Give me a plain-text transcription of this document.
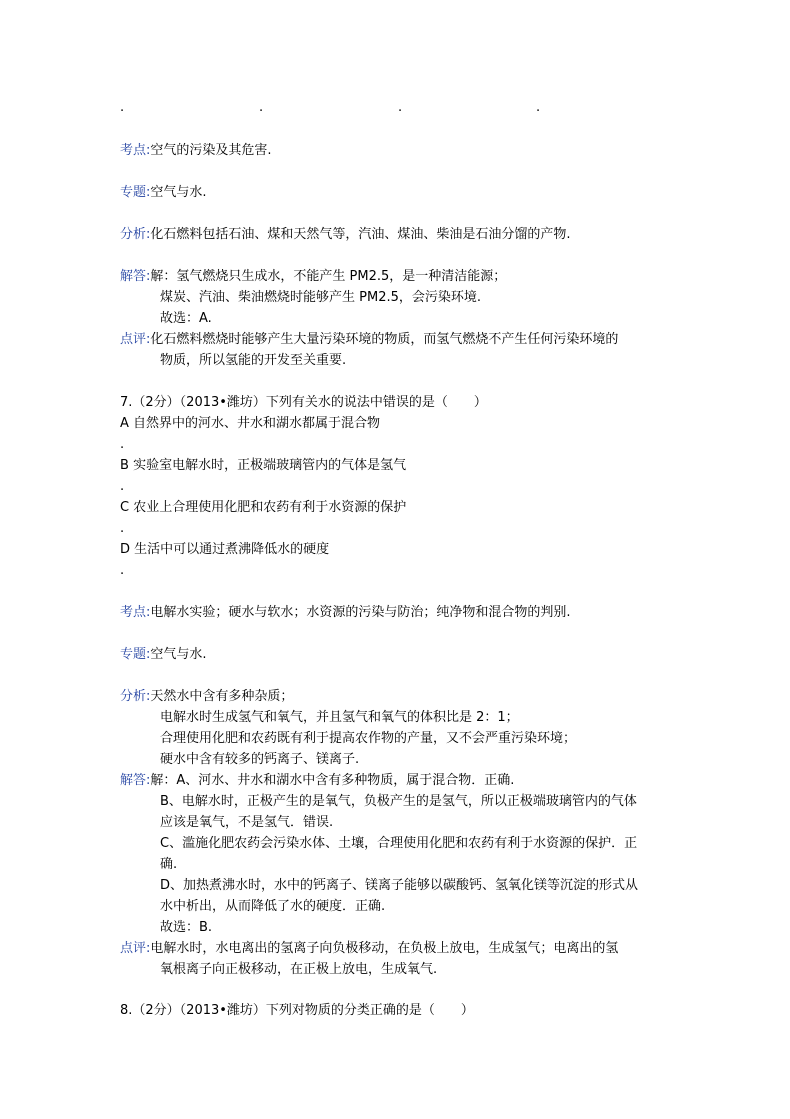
.	.	.	.
考点:空气的污染及其危害.
专题:空气与水.
分析:化石燃料包括石油、煤和天然气等，汽油、煤油、柴油是石油分馏的产物.
解答:解：氢气燃烧只生成水，不能产生 PM2.5，是一种清洁能源；
煤炭、汽油、柴油燃烧时能够产生 PM2.5，会污染环境.
故选：A.
点评:化石燃料燃烧时能够产生大量污染环境的物质，而氢气燃烧不产生任何污染环境的
物质，所以氢能的开发至关重要.
7.（2分）（2013•潍坊）下列有关水的说法中错误的是（　　）
A 自然界中的河水、井水和湖水都属于混合物
.
B 实验室电解水时，正极端玻璃管内的气体是氢气
.
C 农业上合理使用化肥和农药有利于水资源的保护
.
D 生活中可以通过煮沸降低水的硬度
.
考点:电解水实验；硬水与软水；水资源的污染与防治；纯净物和混合物的判别.
专题:空气与水.
分析:天然水中含有多种杂质；
电解水时生成氢气和氧气，并且氢气和氧气的体积比是 2：1；
合理使用化肥和农药既有利于提高农作物的产量，又不会严重污染环境；
硬水中含有较多的钙离子、镁离子.
解答:解：A、河水、井水和湖水中含有多种物质，属于混合物．正确.
B、电解水时，正极产生的是氧气，负极产生的是氢气，所以正极端玻璃管内的气体
应该是氧气，不是氢气．错误.
C、滥施化肥农药会污染水体、土壤，合理使用化肥和农药有利于水资源的保护．正
确.
D、加热煮沸水时，水中的钙离子、镁离子能够以碳酸钙、氢氧化镁等沉淀的形式从
水中析出，从而降低了水的硬度．正确.
故选：B.
点评:电解水时，水电离出的氢离子向负极移动，在负极上放电，生成氢气；电离出的氢
氧根离子向正极移动，在正极上放电，生成氧气.
8.（2分）（2013•潍坊）下列对物质的分类正确的是（　　）
